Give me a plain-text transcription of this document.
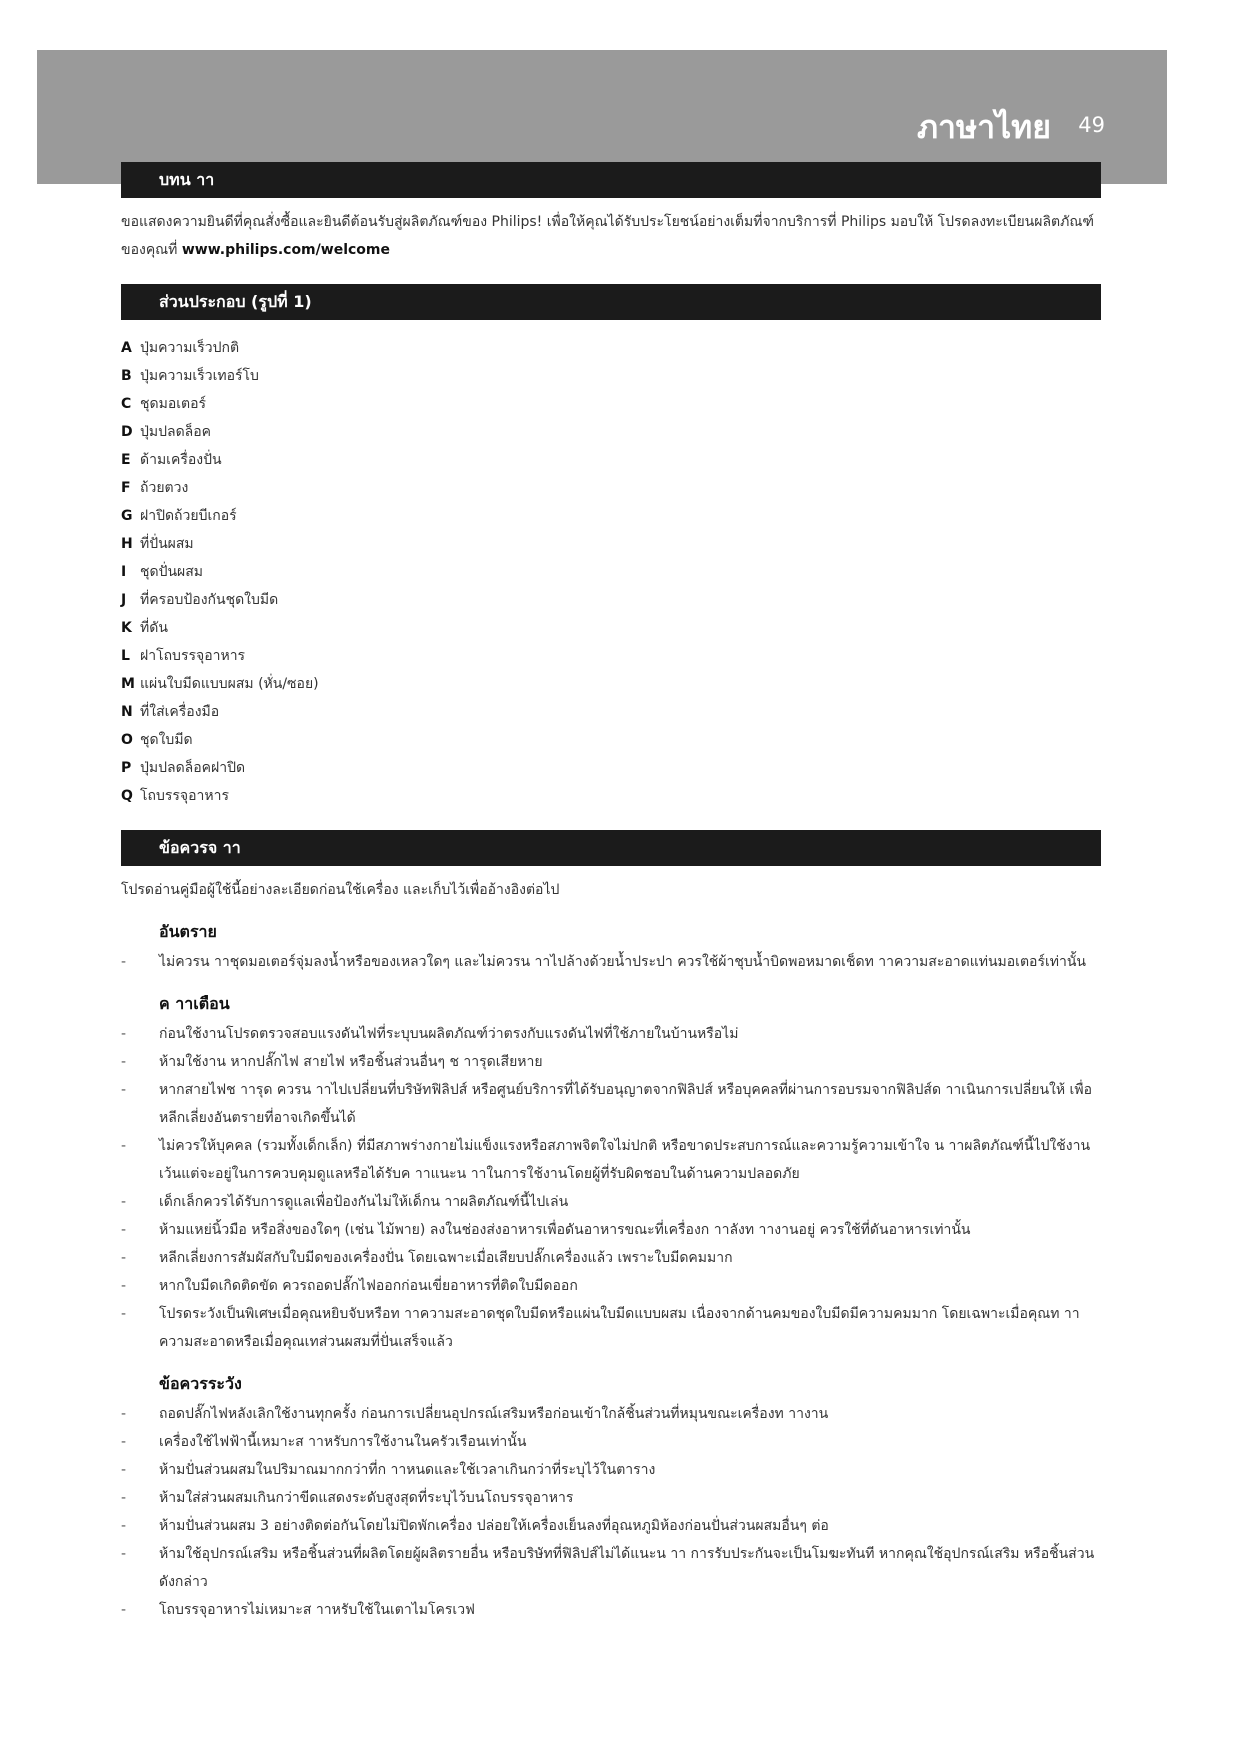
ภาษาไทย 49
บทน าา

ขอแสดงความยินดีที่คุณสั่งซื้อและยินดีต้อนรับสู่ผลิตภัณฑ์ของ Philips! เพื่อให้คุณได้รับประโยชน์อย่างเต็มที่จากบริการที่ Philips มอบให้ โปรดลงทะเบียนผลิตภัณฑ์ของคุณที่ www.philips.com/welcome

ส่วนประกอบ (รูปที่ 1)
A ปุ่มความเร็วปกติ
B ปุ่มความเร็วเทอร์โบ
C ชุดมอเตอร์
D ปุ่มปลดล็อค
E ด้ามเครื่องปั่น
F ถ้วยตวง
G ฝาปิดถ้วยบีเกอร์
H ที่ปั่นผสม
I ชุดปั่นผสม
J ที่ครอบป้องกันชุดใบมีด
K ที่ดัน
L ฝาโถบรรจุอาหาร
M แผ่นใบมีดแบบผสม (หั่น/ซอย)
N ที่ใส่เครื่องมือ
O ชุดใบมีด
P ปุ่มปลดล็อคฝาปิด
Q โถบรรจุอาหาร
ข้อควรจ าา

โปรดอ่านคู่มือผู้ใช้นี้อย่างละเอียดก่อนใช้เครื่อง และเก็บไว้เพื่ออ้างอิงต่อไป

อันตราย
- ไม่ควรน าาชุดมอเตอร์จุ่มลงน้ำหรือของเหลวใดๆ และไม่ควรน าาไปล้างด้วยน้ำประปา ควรใช้ผ้าชุบน้ำบิดพอหมาดเช็ดท าาความสะอาดแท่นมอเตอร์เท่านั้น
ค าาเตือน
- ก่อนใช้งานโปรดตรวจสอบแรงดันไฟที่ระบุบนผลิตภัณฑ์ว่าตรงกับแรงดันไฟที่ใช้ภายในบ้านหรือไม่
- ห้ามใช้งาน หากปลั๊กไฟ สายไฟ หรือชิ้นส่วนอื่นๆ ช าารุดเสียหาย
- หากสายไฟช าารุด ควรน าาไปเปลี่ยนที่บริษัทฟิลิปส์ หรือศูนย์บริการที่ได้รับอนุญาตจากฟิลิปส์ หรือบุคคลที่ผ่านการอบรมจากฟิลิปส์ด าาเนินการเปลี่ยนให้ เพื่อหลีกเลี่ยงอันตรายที่อาจเกิดขึ้นได้
- ไม่ควรให้บุคคล (รวมทั้งเด็กเล็ก) ที่มีสภาพร่างกายไม่แข็งแรงหรือสภาพจิตใจไม่ปกติ หรือขาดประสบการณ์และความรู้ความเข้าใจ น าาผลิตภัณฑ์นี้ไปใช้งาน เว้นแต่จะอยู่ในการควบคุมดูแลหรือได้รับค าาแนะน าาในการใช้งานโดยผู้ที่รับผิดชอบในด้านความปลอดภัย
- เด็กเล็กควรได้รับการดูแลเพื่อป้องกันไม่ให้เด็กน าาผลิตภัณฑ์นี้ไปเล่น
- ห้ามแหย่นิ้วมือ หรือสิ่งของใดๆ (เช่น ไม้พาย) ลงในช่องส่งอาหารเพื่อดันอาหารขณะที่เครื่องก าาลังท าางานอยู่ ควรใช้ที่ดันอาหารเท่านั้น
- หลีกเลี่ยงการสัมผัสกับใบมีดของเครื่องปั่น โดยเฉพาะเมื่อเสียบปลั๊กเครื่องแล้ว เพราะใบมีดคมมาก
- หากใบมีดเกิดติดขัด ควรถอดปลั๊กไฟออกก่อนเขี่ยอาหารที่ติดใบมีดออก
- โปรดระวังเป็นพิเศษเมื่อคุณหยิบจับหรือท าาความสะอาดชุดใบมีดหรือแผ่นใบมีดแบบผสม เนื่องจากด้านคมของใบมีดมีความคมมาก โดยเฉพาะเมื่อคุณท าาความสะอาดหรือเมื่อคุณเทส่วนผสมที่ปั่นเสร็จแล้ว
ข้อควรระวัง
- ถอดปลั๊กไฟหลังเลิกใช้งานทุกครั้ง ก่อนการเปลี่ยนอุปกรณ์เสริมหรือก่อนเข้าใกล้ชิ้นส่วนที่หมุนขณะเครื่องท าางาน
- เครื่องใช้ไฟฟ้านี้เหมาะส าาหรับการใช้งานในครัวเรือนเท่านั้น
- ห้ามปั่นส่วนผสมในปริมาณมากกว่าที่ก าาหนดและใช้เวลาเกินกว่าที่ระบุไว้ในตาราง
- ห้ามใส่ส่วนผสมเกินกว่าขีดแสดงระดับสูงสุดที่ระบุไว้บนโถบรรจุอาหาร
- ห้ามปั่นส่วนผสม 3 อย่างติดต่อกันโดยไม่ปิดพักเครื่อง ปล่อยให้เครื่องเย็นลงที่อุณหภูมิห้องก่อนปั่นส่วนผสมอื่นๆ ต่อ
- ห้ามใช้อุปกรณ์เสริม หรือชิ้นส่วนที่ผลิตโดยผู้ผลิตรายอื่น หรือบริษัทที่ฟิลิปส์ไม่ได้แนะน าา การรับประกันจะเป็นโมฆะทันที หากคุณใช้อุปกรณ์เสริม หรือชิ้นส่วนดังกล่าว
- โถบรรจุอาหารไม่เหมาะส าาหรับใช้ในเตาไมโครเวฟ
